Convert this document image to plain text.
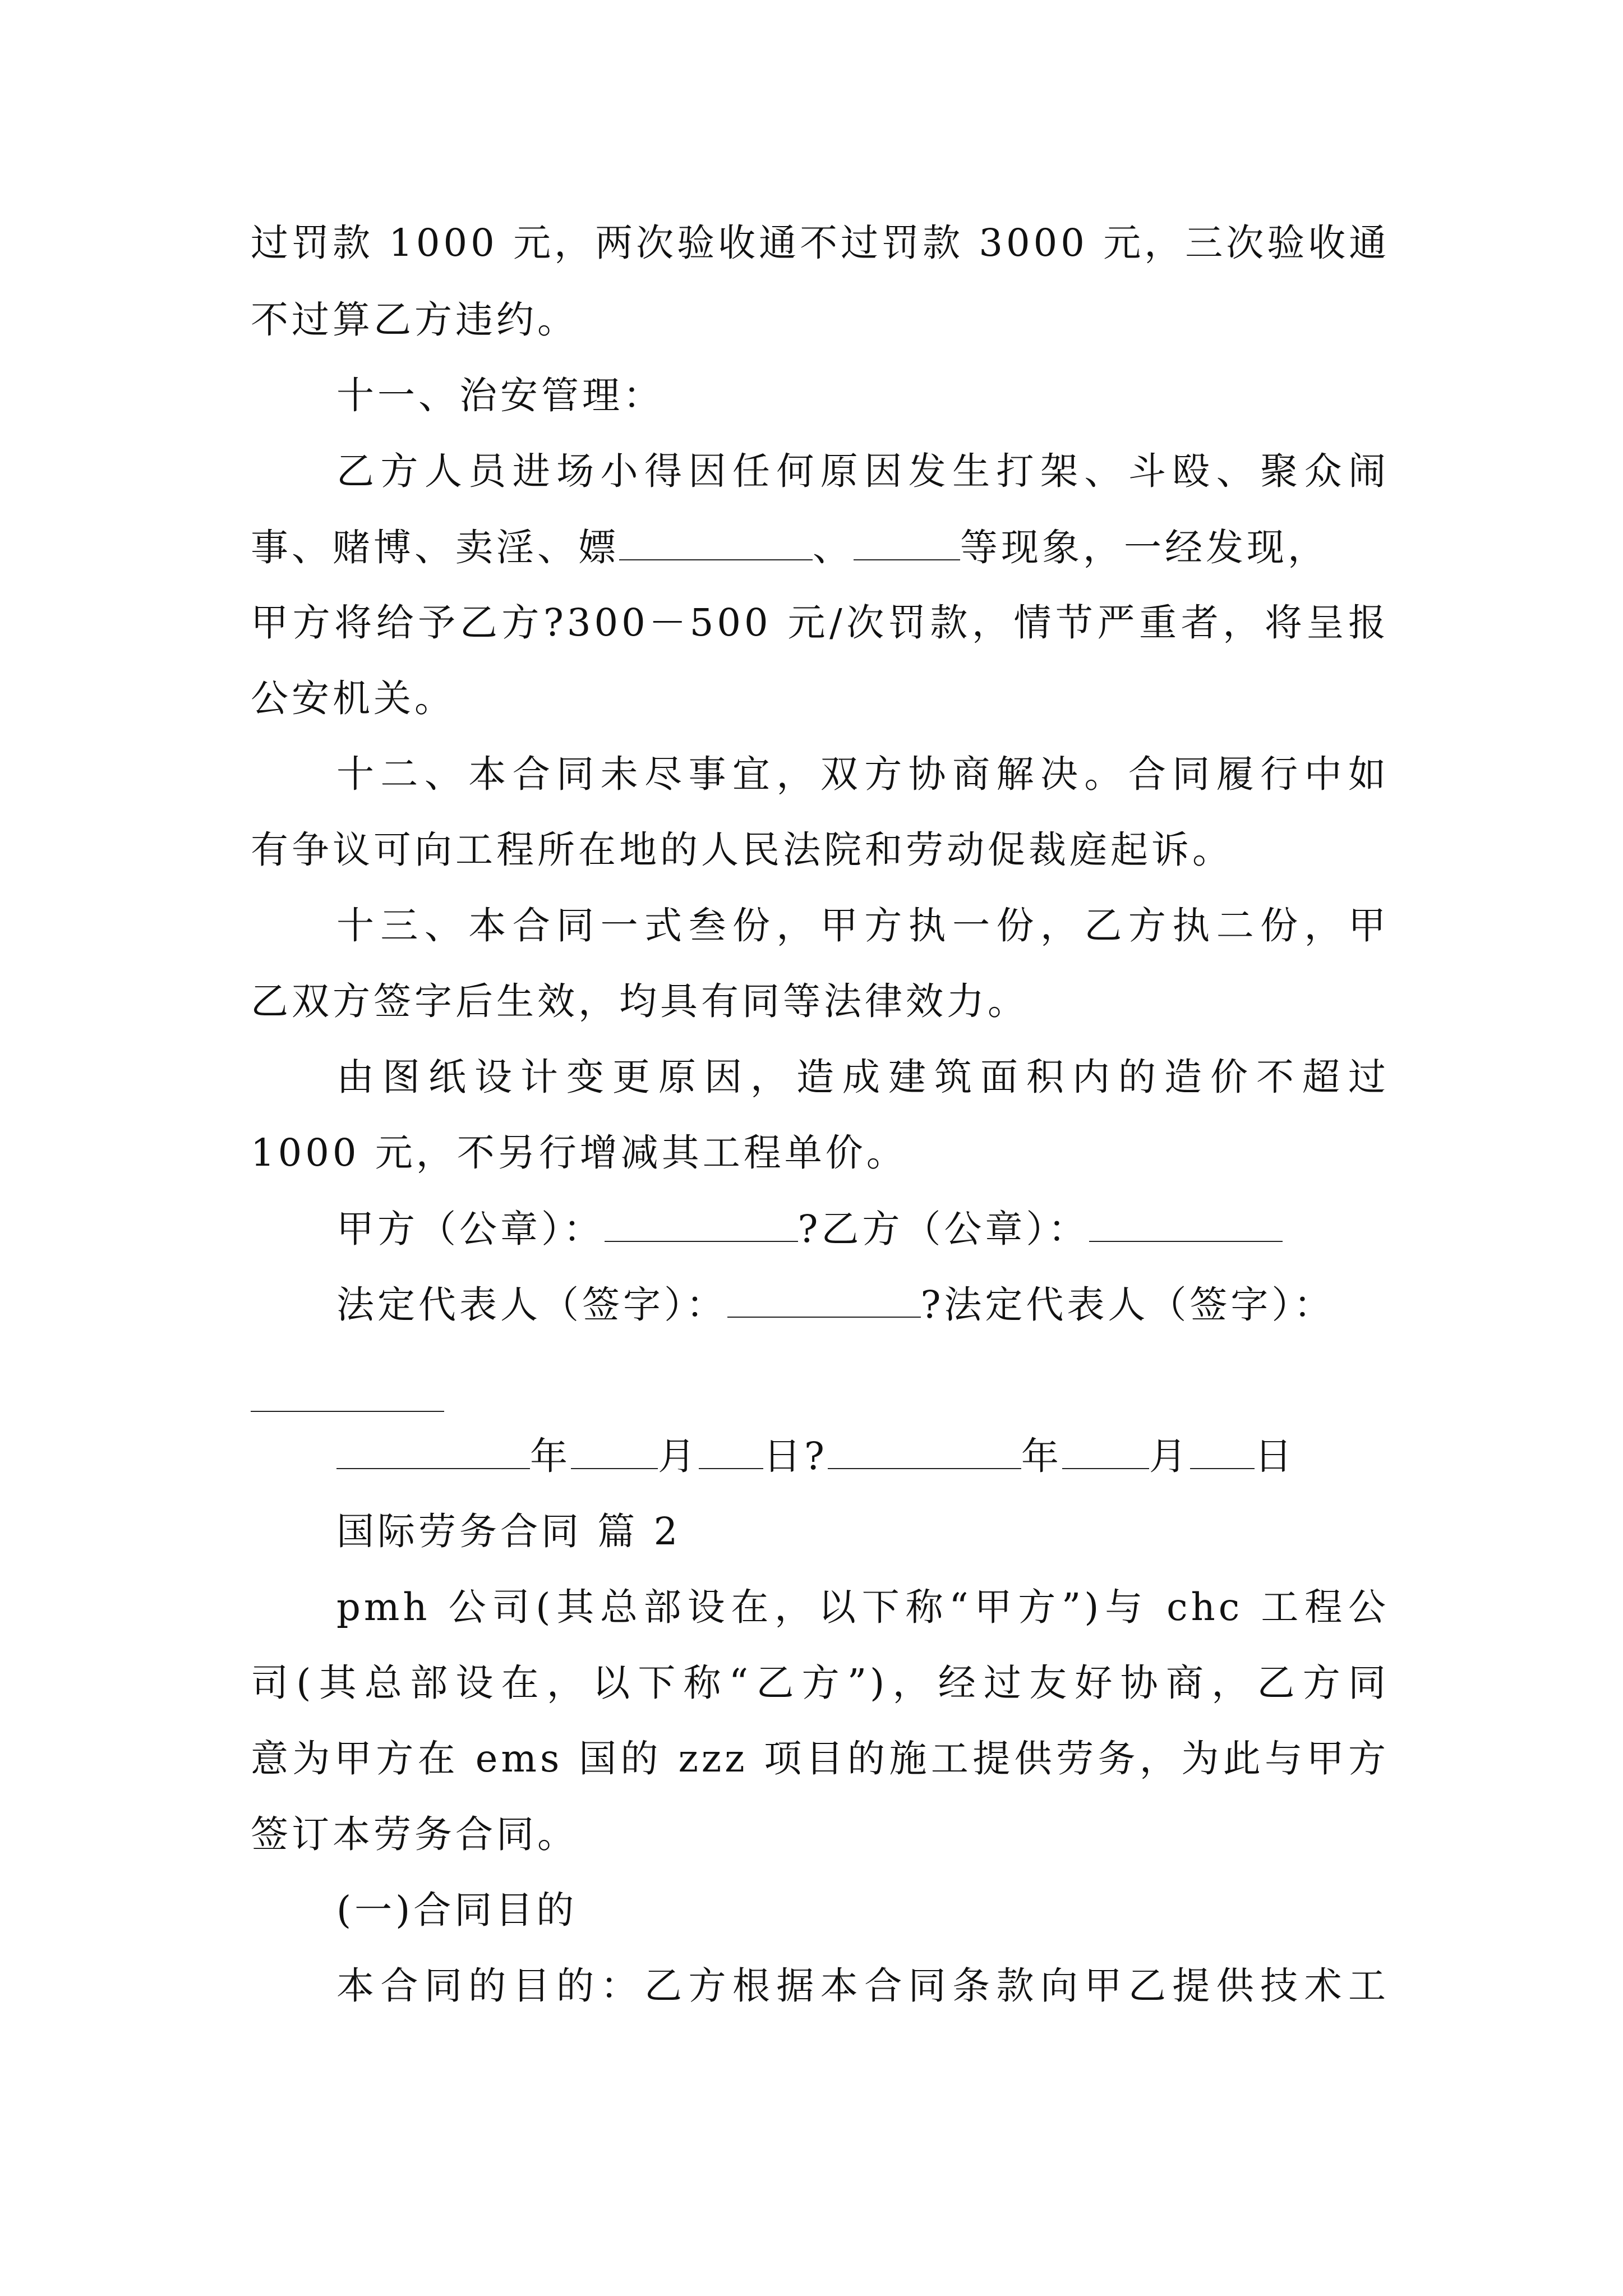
过罚款 1000 元，两次验收通不过罚款 3000 元，三次验收通
不过算乙方违约。
十一、治安管理：
乙方人员进场小得因任何原因发生打架、斗殴、聚众闹
事、赌博、卖淫、嫖	、	等现象，一经发现，
甲方将给予乙方?300－500 元/次罚款，情节严重者，将呈报
公安机关。
十二、本合同未尽事宜，双方协商解决。合同履行中如
有争议可向工程所在地的人民法院和劳动促裁庭起诉。
十三、本合同一式叁份，甲方执一份，乙方执二份，甲
乙双方签字后生效，均具有同等法律效力。
由图纸设计变更原因，造成建筑面积内的造价不超过
1000 元，不另行增减其工程单价。
甲方（公章）：	?乙方（公章）：
法定代表人（签字）：	?法定代表人（签字）：
年 月 日?	年 月 日
国际劳务合同 篇 2
pmh 公司(其总部设在，以下称“甲方”)与 chc 工程公
司(其总部设在，以下称“乙方”)，经过友好协商，乙方同
意为甲方在 ems 国的 zzz 项目的施工提供劳务，为此与甲方
签订本劳务合同。
(一)合同目的
本合同的目的：乙方根据本合同条款向甲乙提供技术工
